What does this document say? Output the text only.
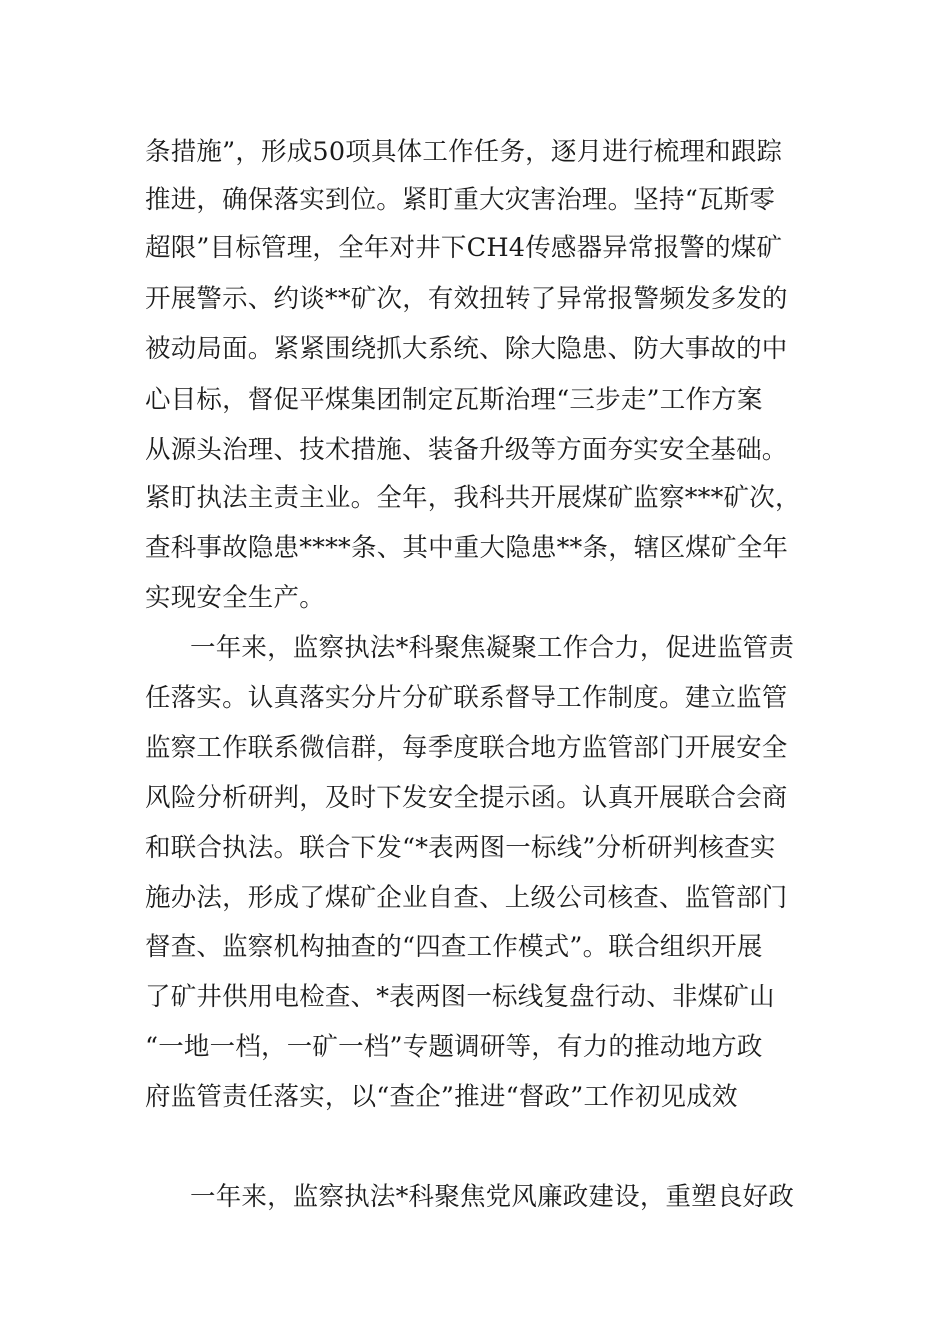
条措施”，形成50项具体工作任务，逐月进行梳理和跟踪
推进，确保落实到位。紧盯重大灾害治理。坚持“瓦斯零
超限”目标管理，全年对井下CH4传感器异常报警的煤矿
开展警示、约谈**矿次，有效扭转了异常报警频发多发的
被动局面。紧紧围绕抓大系统、除大隐患、防大事故的中
心目标，督促平煤集团制定瓦斯治理“三步走”工作方案
从源头治理、技术措施、装备升级等方面夯实安全基础。
紧盯执法主责主业。全年，我科共开展煤矿监察***矿次，
查科事故隐患****条、其中重大隐患**条，辖区煤矿全年
实现安全生产。
一年来，监察执法*科聚焦凝聚工作合力，促进监管责
任落实。认真落实分片分矿联系督导工作制度。建立监管
监察工作联系微信群，每季度联合地方监管部门开展安全
风险分析研判，及时下发安全提示函。认真开展联合会商
和联合执法。联合下发“*表两图一标线”分析研判核查实
施办法，形成了煤矿企业自查、上级公司核查、监管部门
督查、监察机构抽查的“四查工作模式”。联合组织开展
了矿井供用电检查、*表两图一标线复盘行动、非煤矿山
“一地一档，一矿一档”专题调研等，有力的推动地方政
府监管责任落实，以“查企”推进“督政”工作初见成效
一年来，监察执法*科聚焦党风廉政建设，重塑良好政
